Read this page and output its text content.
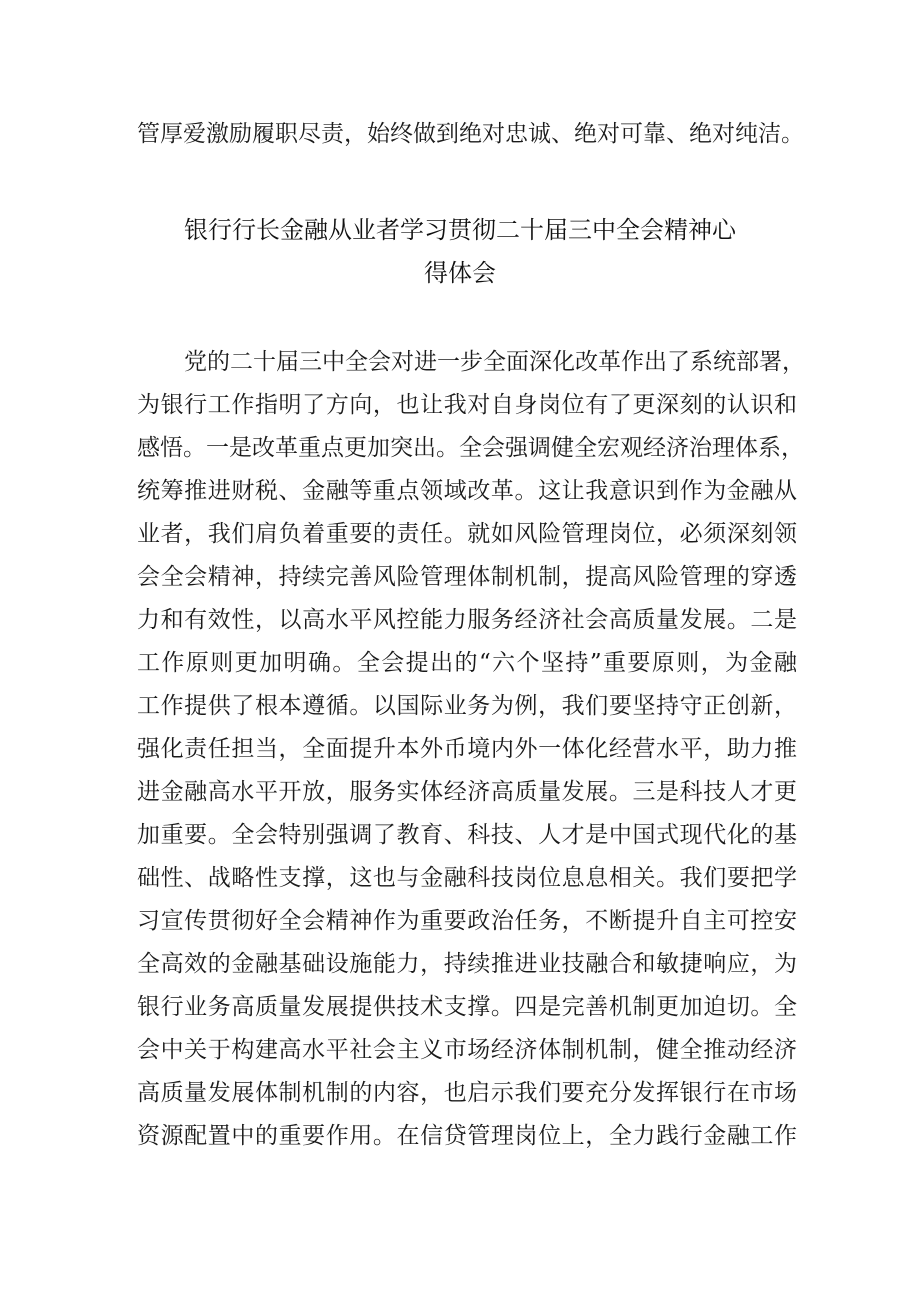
管厚爱激励履职尽责，始终做到绝对忠诚、绝对可靠、绝对纯洁。
银行行长金融从业者学习贯彻二十届三中全会精神心
得体会
党的二十届三中全会对进一步全面深化改革作出了系统部署，
为银行工作指明了方向，也让我对自身岗位有了更深刻的认识和
感悟。一是改革重点更加突出。全会强调健全宏观经济治理体系，
统筹推进财税、金融等重点领域改革。这让我意识到作为金融从
业者，我们肩负着重要的责任。就如风险管理岗位，必须深刻领
会全会精神，持续完善风险管理体制机制，提高风险管理的穿透
力和有效性，以高水平风控能力服务经济社会高质量发展。二是
工作原则更加明确。全会提出的“六个坚持”重要原则，为金融
工作提供了根本遵循。以国际业务为例，我们要坚持守正创新，
强化责任担当，全面提升本外币境内外一体化经营水平，助力推
进金融高水平开放，服务实体经济高质量发展。三是科技人才更
加重要。全会特别强调了教育、科技、人才是中国式现代化的基
础性、战略性支撑，这也与金融科技岗位息息相关。我们要把学
习宣传贯彻好全会精神作为重要政治任务，不断提升自主可控安
全高效的金融基础设施能力，持续推进业技融合和敏捷响应，为
银行业务高质量发展提供技术支撑。四是完善机制更加迫切。全
会中关于构建高水平社会主义市场经济体制机制，健全推动经济
高质量发展体制机制的内容，也启示我们要充分发挥银行在市场
资源配置中的重要作用。在信贷管理岗位上，全力践行金融工作
